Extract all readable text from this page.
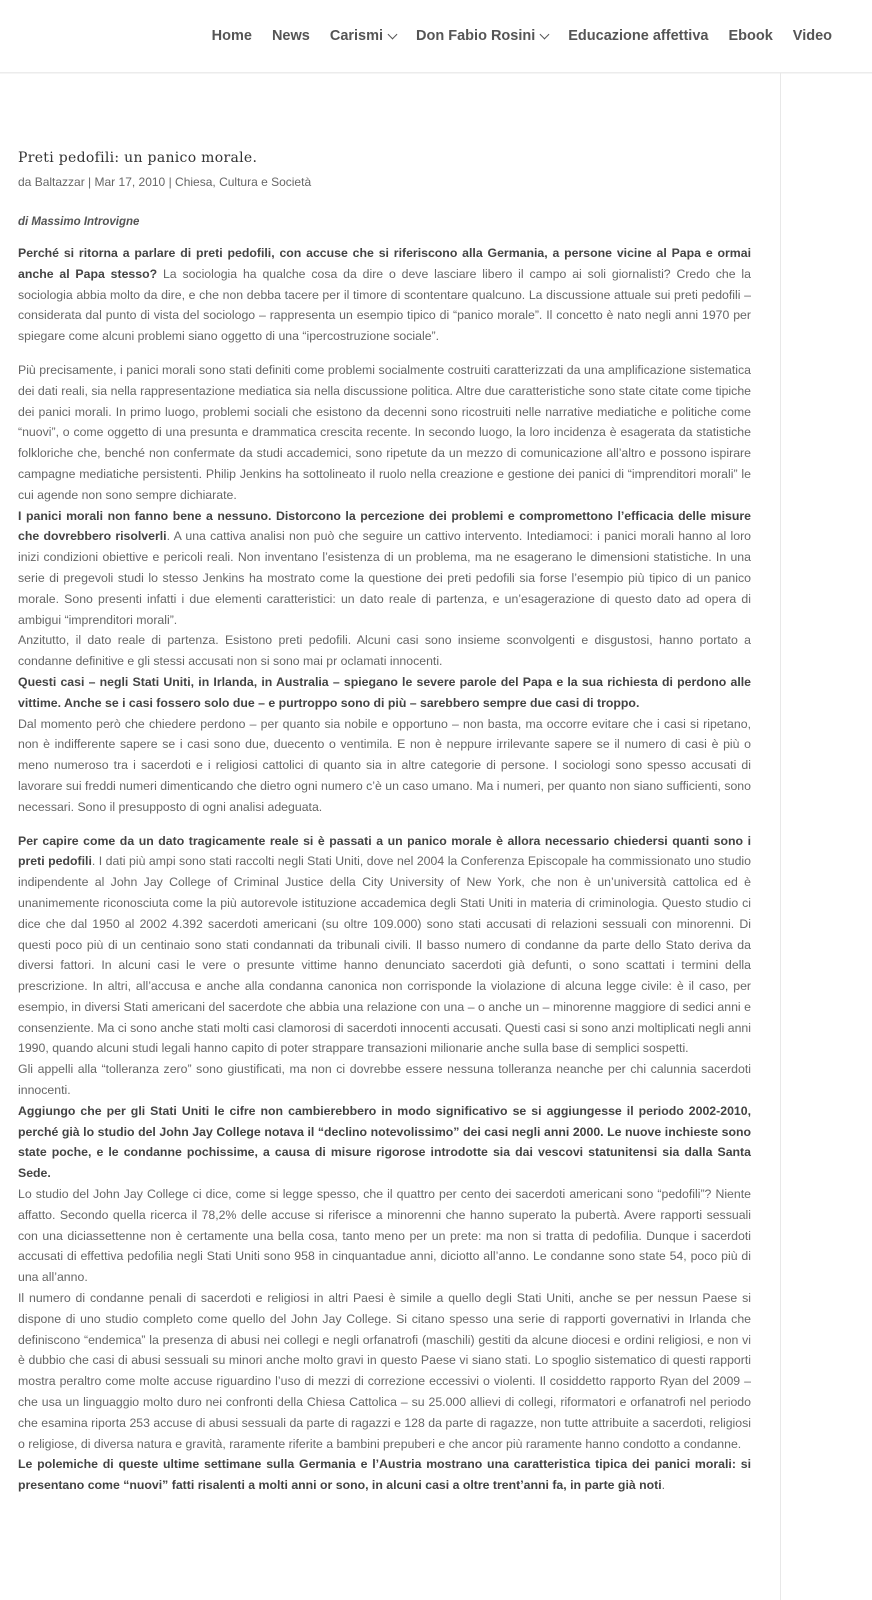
Home News Carismi Don Fabio Rosini Educazione affettiva Ebook Video
Preti pedofili: un panico morale.
da Baltazzar | Mar 17, 2010 | Chiesa, Cultura e Società
di Massimo Introvigne

Perché si ritorna a parlare di preti pedofili, con accuse che si riferiscono alla Germania, a persone vicine al Papa e ormai anche al Papa stesso? La sociologia ha qualche cosa da dire o deve lasciare libero il campo ai soli giornalisti? Credo che la sociologia abbia molto da dire, e che non debba tacere per il timore di scontentare qualcuno. La discussione attuale sui preti pedofili – considerata dal punto di vista del sociologo – rappresenta un esempio tipico di “panico morale”. Il concetto è nato negli anni 1970 per spiegare come alcuni problemi siano oggetto di una “ipercostruzione sociale”.

Più precisamente, i panici morali sono stati definiti come problemi socialmente costruiti caratterizzati da una amplificazione sistematica dei dati reali, sia nella rappresentazione mediatica sia nella discussione politica. Altre due caratteristiche sono state citate come tipiche dei panici morali. In primo luogo, problemi sociali che esistono da decenni sono ricostruiti nelle narrative mediatiche e politiche come “nuovi”, o come oggetto di una presunta e drammatica crescita recente. In secondo luogo, la loro incidenza è esagerata da statistiche folkloriche che, benché non confermate da studi accademici, sono ripetute da un mezzo di comunicazione all’altro e possono ispirare campagne mediatiche persistenti. Philip Jenkins ha sottolineato il ruolo nella creazione e gestione dei panici di “imprenditori morali” le cui agende non sono sempre dichiarate.

I panici morali non fanno bene a nessuno. Distorcono la percezione dei problemi e compromettono l’efficacia delle misure che dovrebbero risolverli. A una cattiva analisi non può che seguire un cattivo intervento. Intediamoci: i panici morali hanno al loro inizi condizioni obiettive e pericoli reali. Non inventano l’esistenza di un problema, ma ne esagerano le dimensioni statistiche. In una serie di pregevoli studi lo stesso Jenkins ha mostrato come la questione dei preti pedofili sia forse l’esempio più tipico di un panico morale. Sono presenti infatti i due elementi caratteristici: un dato reale di partenza, e un’esagerazione di questo dato ad opera di ambigui “imprenditori morali”.

Anzitutto, il dato reale di partenza. Esistono preti pedofili. Alcuni casi sono insieme sconvolgenti e disgustosi, hanno portato a condanne definitive e gli stessi accusati non si sono mai pr oclamati innocenti.

Questi casi – negli Stati Uniti, in Irlanda, in Australia – spiegano le severe parole del Papa e la sua richiesta di perdono alle vittime. Anche se i casi fossero solo due – e purtroppo sono di più – sarebbero sempre due casi di troppo.

Dal momento però che chiedere perdono – per quanto sia nobile e opportuno – non basta, ma occorre evitare che i casi si ripetano, non è indifferente sapere se i casi sono due, duecento o ventimila. E non è neppure irrilevante sapere se il numero di casi è più o meno numeroso tra i sacerdoti e i religiosi cattolici di quanto sia in altre categorie di persone. I sociologi sono spesso accusati di lavorare sui freddi numeri dimenticando che dietro ogni numero c’è un caso umano. Ma i numeri, per quanto non siano sufficienti, sono necessari. Sono il presupposto di ogni analisi adeguata.

Per capire come da un dato tragicamente reale si è passati a un panico morale è allora necessario chiedersi quanti sono i preti pedofili. I dati più ampi sono stati raccolti negli Stati Uniti, dove nel 2004 la Conferenza Episcopale ha commissionato uno studio indipendente al John Jay College of Criminal Justice della City University of New York, che non è un’università cattolica ed è unanimemente riconosciuta come la più autorevole istituzione accademica degli Stati Uniti in materia di criminologia. Questo studio ci dice che dal 1950 al 2002 4.392 sacerdoti americani (su oltre 109.000) sono stati accusati di relazioni sessuali con minorenni. Di questi poco più di un centinaio sono stati condannati da tribunali civili. Il basso numero di condanne da parte dello Stato deriva da diversi fattori. In alcuni casi le vere o presunte vittime hanno denunciato sacerdoti già defunti, o sono scattati i termini della prescrizione. In altri, all’accusa e anche alla condanna canonica non corrisponde la violazione di alcuna legge civile: è il caso, per esempio, in diversi Stati americani del sacerdote che abbia una relazione con una – o anche un – minorenne maggiore di sedici anni e consenziente. Ma ci sono anche stati molti casi clamorosi di sacerdoti innocenti accusati. Questi casi si sono anzi moltiplicati negli anni 1990, quando alcuni studi legali hanno capito di poter strappare transazioni milionarie anche sulla base di semplici sospetti.

Gli appelli alla “tolleranza zero” sono giustificati, ma non ci dovrebbe essere nessuna tolleranza neanche per chi calunnia sacerdoti innocenti.

Aggiungo che per gli Stati Uniti le cifre non cambierebbero in modo significativo se si aggiungesse il periodo 2002-2010, perché già lo studio del John Jay College notava il “declino notevolissimo” dei casi negli anni 2000. Le nuove inchieste sono state poche, e le condanne pochissime, a causa di misure rigorose introdotte sia dai vescovi statunitensi sia dalla Santa Sede.

Lo studio del John Jay College ci dice, come si legge spesso, che il quattro per cento dei sacerdoti americani sono “pedofili”? Niente affatto. Secondo quella ricerca il 78,2% delle accuse si riferisce a minorenni che hanno superato la pubertà. Avere rapporti sessuali con una diciassettenne non è certamente una bella cosa, tanto meno per un prete: ma non si tratta di pedofilia. Dunque i sacerdoti accusati di effettiva pedofilia negli Stati Uniti sono 958 in cinquantadue anni, diciotto all’anno. Le condanne sono state 54, poco più di una all’anno.

Il numero di condanne penali di sacerdoti e religiosi in altri Paesi è simile a quello degli Stati Uniti, anche se per nessun Paese si dispone di uno studio completo come quello del John Jay College. Si citano spesso una serie di rapporti governativi in Irlanda che definiscono “endemica” la presenza di abusi nei collegi e negli orfanatrofi (maschili) gestiti da alcune diocesi e ordini religiosi, e non vi è dubbio che casi di abusi sessuali su minori anche molto gravi in questo Paese vi siano stati. Lo spoglio sistematico di questi rapporti mostra peraltro come molte accuse riguardino l’uso di mezzi di correzione eccessivi o violenti. Il cosiddetto rapporto Ryan del 2009 – che usa un linguaggio molto duro nei confronti della Chiesa Cattolica – su 25.000 allievi di collegi, riformatori e orfanatrofi nel periodo che esamina riporta 253 accuse di abusi sessuali da parte di ragazzi e 128 da parte di ragazze, non tutte attribuite a sacerdoti, religiosi o religiose, di diversa natura e gravità, raramente riferite a bambini prepuberi e che ancor più raramente hanno condotto a condanne.

Le polemiche di queste ultime settimane sulla Germania e l’Austria mostrano una caratteristica tipica dei panici morali: si presentano come “nuovi” fatti risalenti a molti anni or sono, in alcuni casi a oltre trent’anni fa, in parte già noti.
